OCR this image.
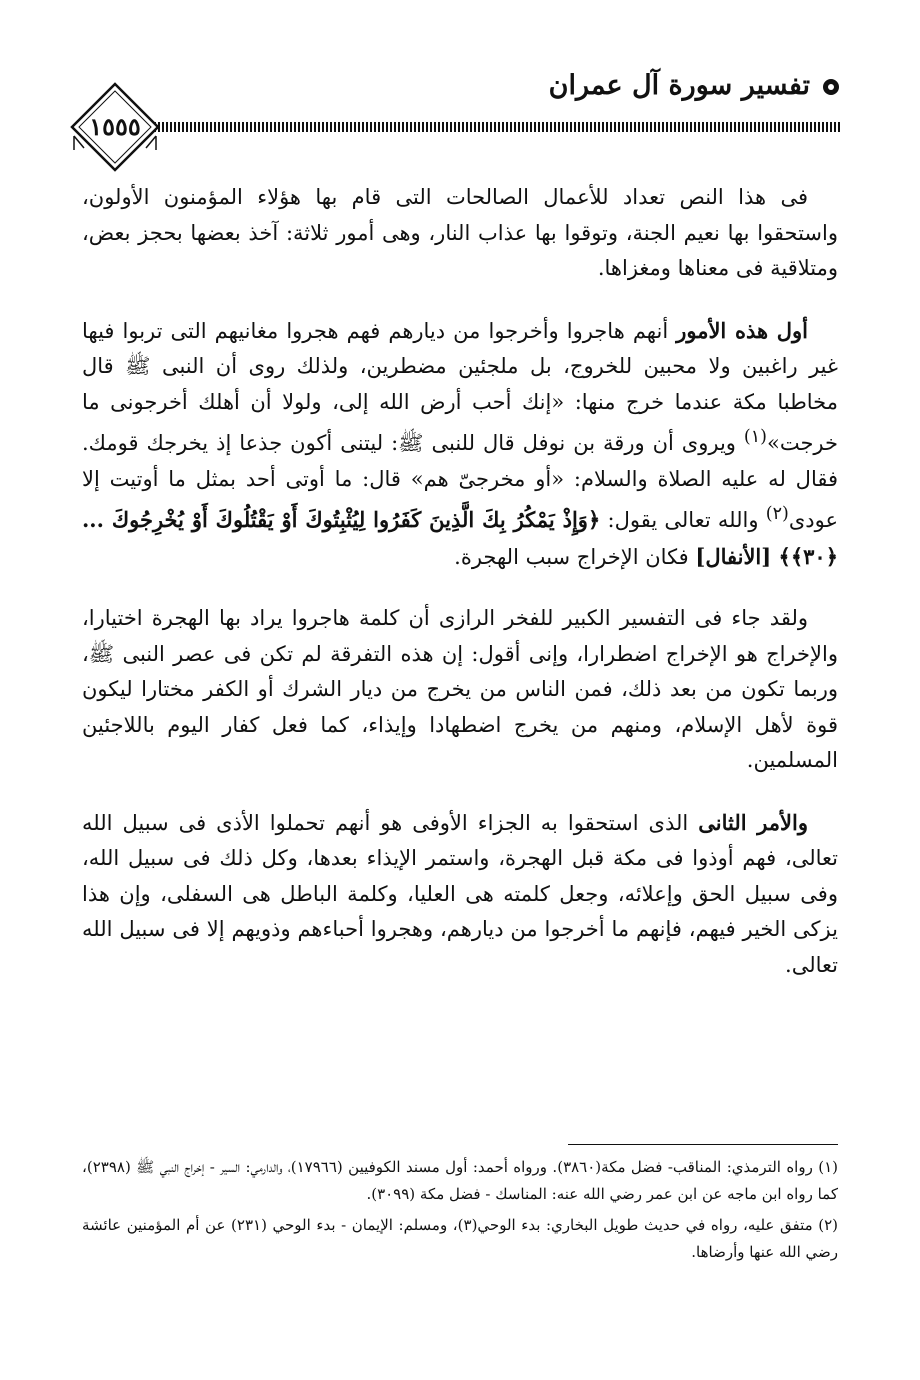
تفسير سورة آل عمران
١٥٥٥

فى هذا النص تعداد للأعمال الصالحات التى قام بها هؤلاء المؤمنون الأولون، واستحقوا بها نعيم الجنة، وتوقوا بها عذاب النار، وهى أمور ثلاثة: آخذ بعضها بحجز بعض، ومتلاقية فى معناها ومغزاها.

أول هذه الأمور أنهم هاجروا وأخرجوا من ديارهم فهم هجروا مغانيهم التى تربوا فيها غير راغبين ولا محبين للخروج، بل ملجئين مضطرين، ولذلك روى أن النبى ﷺ قال مخاطبا مكة عندما خرج منها: «إنك أحب أرض الله إلى، ولولا أن أهلك أخرجونى ما خرجت»$^{(١)}$ ويروى أن ورقة بن نوفل قال للنبى ﷺ: ليتنى أكون جذعا إذ يخرجك قومك. فقال له عليه الصلاة والسلام: «أو مخرجىّ هم» قال: ما أوتى أحد بمثل ما أوتيت إلا عودى$^{(٢)}$ والله تعالى يقول: ﴿وَإِذْ يَمْكُرُ بِكَ الَّذِينَ كَفَرُوا لِيُثْبِتُوكَ أَوْ يَقْتُلُوكَ أَوْ يُخْرِجُوكَ ... ﴿٣٠﴾﴾ [الأنفال] فكان الإخراج سبب الهجرة.

ولقد جاء فى التفسير الكبير للفخر الرازى أن كلمة هاجروا يراد بها الهجرة اختيارا، والإخراج هو الإخراج اضطرارا، وإنى أقول: إن هذه التفرقة لم تكن فى عصر النبى ﷺ، وربما تكون من بعد ذلك، فمن الناس من يخرج من ديار الشرك أو الكفر مختارا ليكون قوة لأهل الإسلام، ومنهم من يخرج اضطهادا وإيذاء، كما فعل كفار اليوم باللاجئين المسلمين.

والأمر الثانى الذى استحقوا به الجزاء الأوفى هو أنهم تحملوا الأذى فى سبيل الله تعالى، فهم أوذوا فى مكة قبل الهجرة، واستمر الإيذاء بعدها، وكل ذلك فى سبيل الله، وفى سبيل الحق وإعلائه، وجعل كلمته هى العليا، وكلمة الباطل هى السفلى، وإن هذا يزكى الخير فيهم، فإنهم ما أخرجوا من ديارهم، وهجروا أحباءهم وذويهم إلا فى سبيل الله تعالى.

(١) رواه الترمذي: المناقب- فضل مكة(٣٨٦٠). ورواه أحمد: أول مسند الكوفيين (١٧٩٦٦)، والدارمي: السير - إخراج النبي ﷺ (٢٣٩٨)، كما رواه ابن ماجه عن ابن عمر رضي الله عنه: المناسك - فضل مكة (٣٠٩٩).

(٢) متفق عليه، رواه في حديث طويل البخاري: بدء الوحي(٣)، ومسلم: الإيمان - بدء الوحي (٢٣١) عن أم المؤمنين عائشة رضي الله عنها وأرضاها.
